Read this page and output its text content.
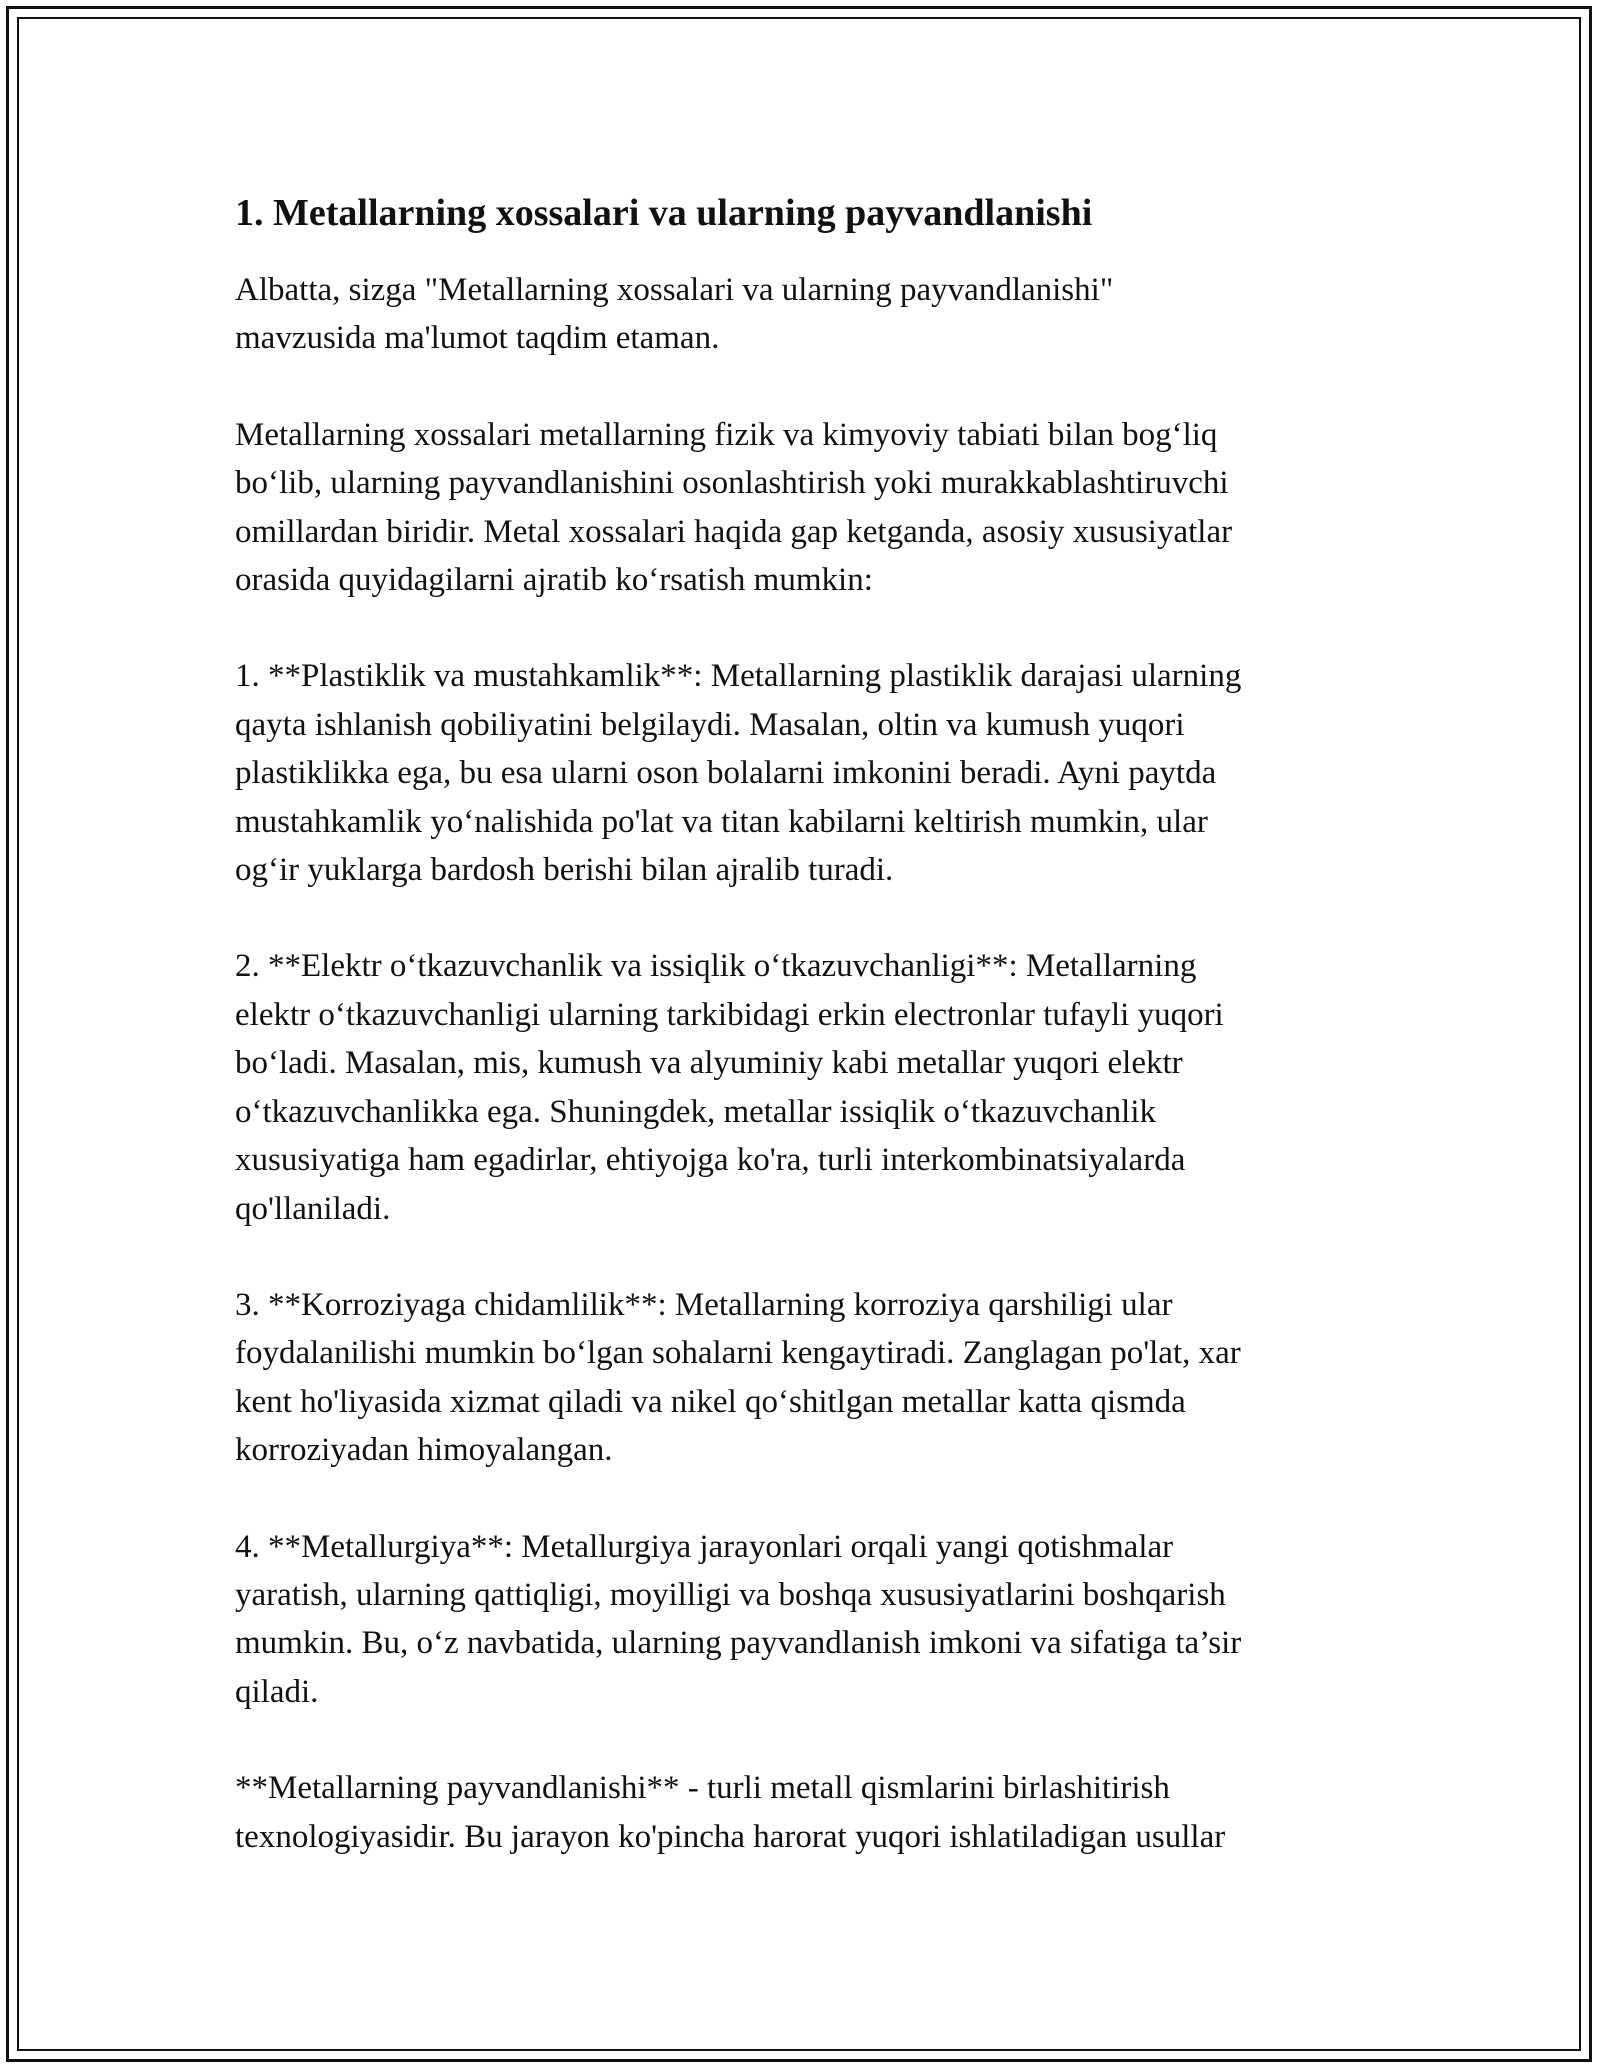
1. Metallarning xossalari va ularning payvandlanishi

Albatta, sizga "Metallarning xossalari va ularning payvandlanishi"
mavzusida ma'lumot taqdim etaman.

Metallarning xossalari metallarning fizik va kimyoviy tabiati bilan bog‘liq
bo‘lib, ularning payvandlanishini osonlashtirish yoki murakkablashtiruvchi
omillardan biridir. Metal xossalari haqida gap ketganda, asosiy xususiyatlar
orasida quyidagilarni ajratib ko‘rsatish mumkin:

1. **Plastiklik va mustahkamlik**: Metallarning plastiklik darajasi ularning
qayta ishlanish qobiliyatini belgilaydi. Masalan, oltin va kumush yuqori
plastiklikka ega, bu esa ularni oson bolalarni imkonini beradi. Ayni paytda
mustahkamlik yo‘nalishida po'lat va titan kabilarni keltirish mumkin, ular
og‘ir yuklarga bardosh berishi bilan ajralib turadi.

2. **Elektr o‘tkazuvchanlik va issiqlik o‘tkazuvchanligi**: Metallarning
elektr o‘tkazuvchanligi ularning tarkibidagi erkin electronlar tufayli yuqori
bo‘ladi. Masalan, mis, kumush va alyuminiy kabi metallar yuqori elektr
o‘tkazuvchanlikka ega. Shuningdek, metallar issiqlik o‘tkazuvchanlik
xususiyatiga ham egadirlar, ehtiyojga ko'ra, turli interkombinatsiyalarda
qo'llaniladi.

3. **Korroziyaga chidamlilik**: Metallarning korroziya qarshiligi ular
foydalanilishi mumkin bo‘lgan sohalarni kengaytiradi. Zanglagan po'lat, xar
kent ho'liyasida xizmat qiladi va nikel qo‘shitlgan metallar katta qismda
korroziyadan himoyalangan.

4. **Metallurgiya**: Metallurgiya jarayonlari orqali yangi qotishmalar
yaratish, ularning qattiqligi, moyilligi va boshqa xususiyatlarini boshqarish
mumkin. Bu, o‘z navbatida, ularning payvandlanish imkoni va sifatiga ta’sir
qiladi.

**Metallarning payvandlanishi** - turli metall qismlarini birlashitirish
texnologiyasidir. Bu jarayon ko'pincha harorat yuqori ishlatiladigan usullar
